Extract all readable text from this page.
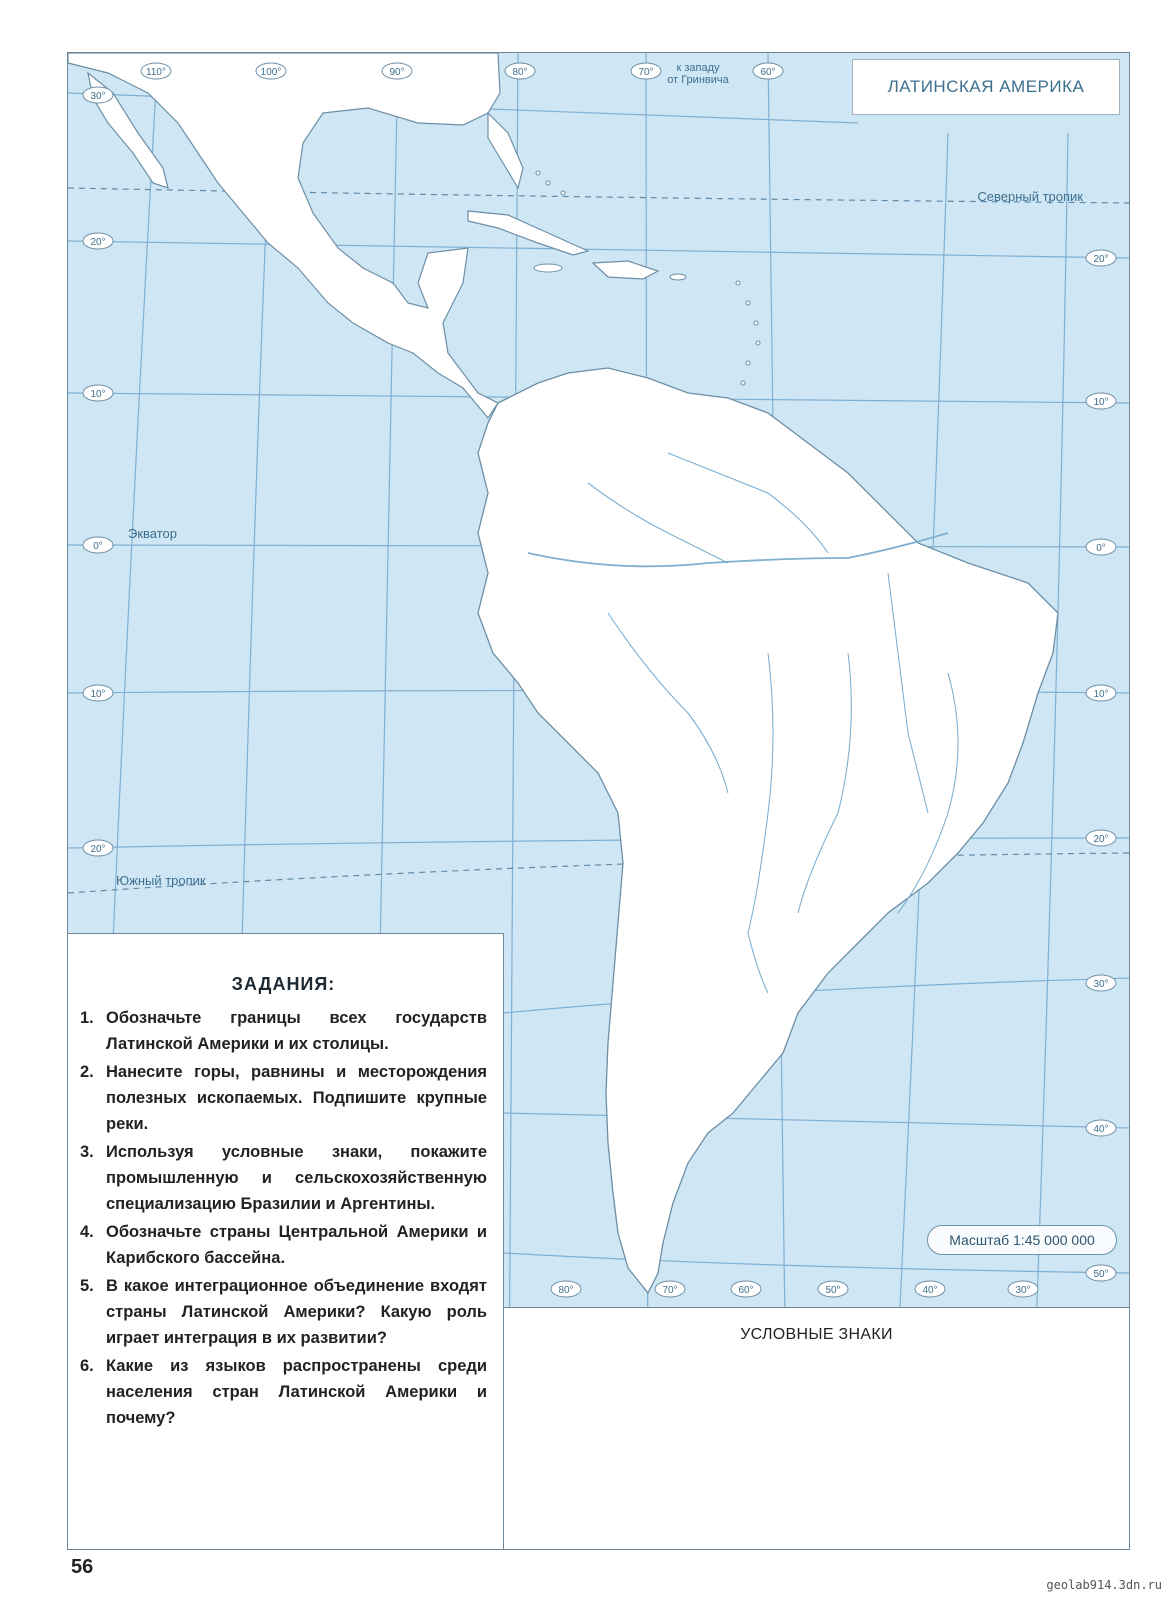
110°	100°	90°	80°	70°	60°
к западу
от Гринвича
30°
20°
10°
0°
10°
20°
20°
10°
0°
10°
20°
30°
40°
50°
80°	70°	60°	50°	40°	30°
Северный тропик
Южный тропик
Экватор
ЛАТИНСКАЯ АМЕРИКА
Масштаб 1:45 000 000
ЗАДАНИЯ:
1. Обозначьте границы всех государств Латинской Америки и их столицы.
2. Нанесите горы, равнины и месторождения полезных ископаемых. Подпишите крупные реки.
3. Используя условные знаки, покажите промышленную и сельскохозяйственную специализацию Бразилии и Аргентины.
4. Обозначьте страны Центральной Америки и Карибского бассейна.
5. В какое интеграционное объединение входят страны Латинской Америки? Какую роль играет интеграция в их развитии?
6. Какие из языков распространены среди населения стран Латинской Америки и почему?
УСЛОВНЫЕ ЗНАКИ
56
geolab914.3dn.ru
